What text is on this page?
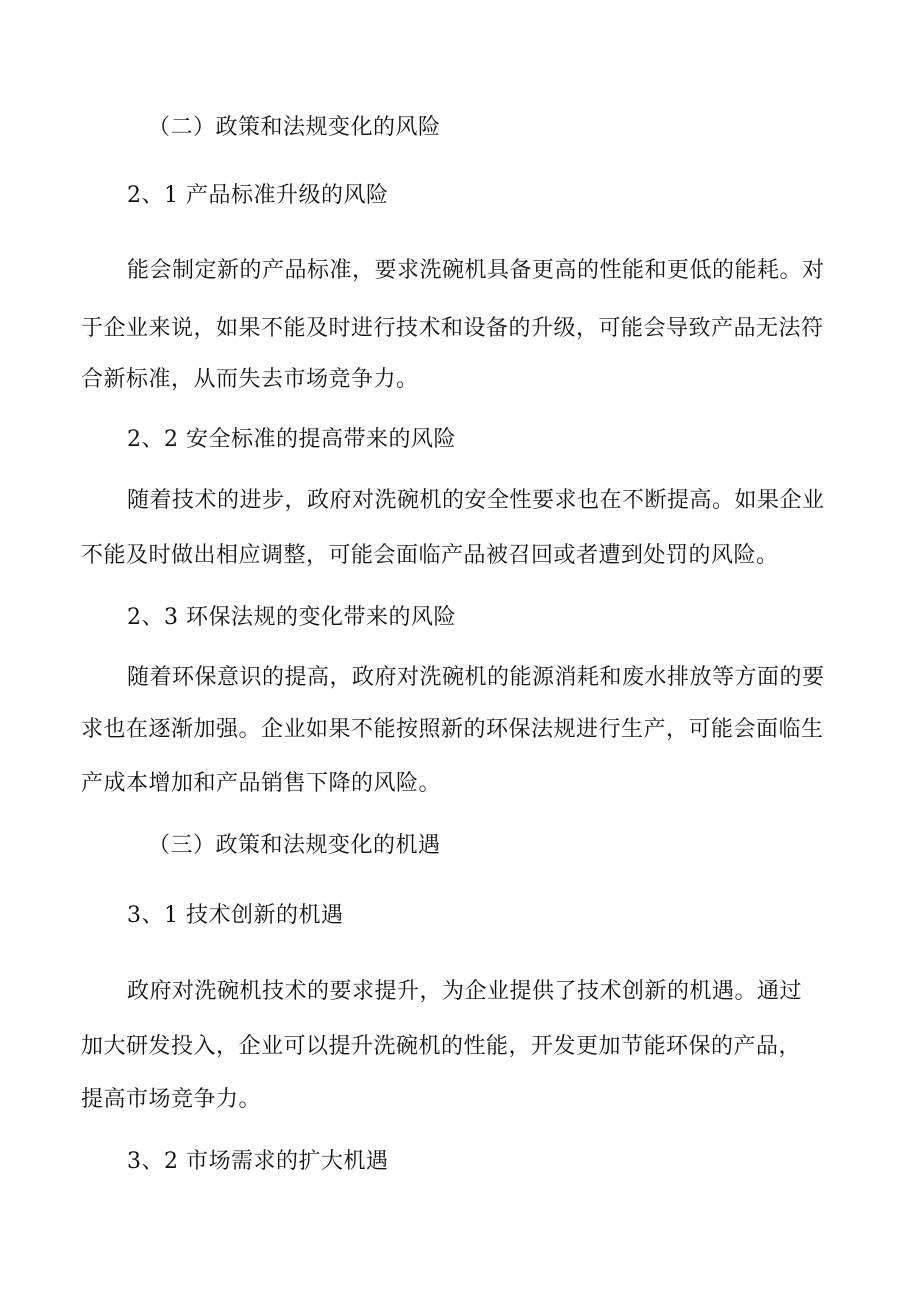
（二）政策和法规变化的风险
2、1 产品标准升级的风险
能会制定新的产品标准，要求洗碗机具备更高的性能和更低的能耗。对
于企业来说，如果不能及时进行技术和设备的升级，可能会导致产品无法符
合新标准，从而失去市场竞争力。
2、2 安全标准的提高带来的风险
随着技术的进步，政府对洗碗机的安全性要求也在不断提高。如果企业
不能及时做出相应调整，可能会面临产品被召回或者遭到处罚的风险。
2、3 环保法规的变化带来的风险
随着环保意识的提高，政府对洗碗机的能源消耗和废水排放等方面的要
求也在逐渐加强。企业如果不能按照新的环保法规进行生产，可能会面临生
产成本增加和产品销售下降的风险。
（三）政策和法规变化的机遇
3、1 技术创新的机遇
政府对洗碗机技术的要求提升，为企业提供了技术创新的机遇。通过
加大研发投入，企业可以提升洗碗机的性能，开发更加节能环保的产品，
提高市场竞争力。
3、2 市场需求的扩大机遇
